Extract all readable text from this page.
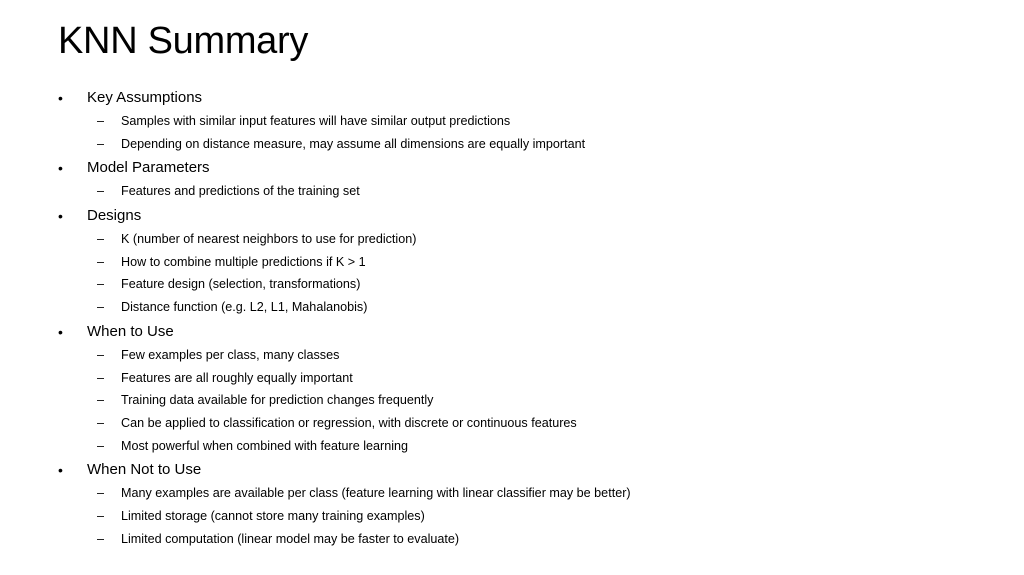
KNN Summary
•	Key Assumptions
–	Samples with similar input features will have similar output predictions
–	Depending on distance measure, may assume all dimensions are equally important
•	Model Parameters
–	Features and predictions of the training set
•	Designs
–	K (number of nearest neighbors to use for prediction)
–	How to combine multiple predictions if K > 1
–	Feature design (selection, transformations)
–	Distance function (e.g. L2, L1, Mahalanobis)
•	When to Use
–	Few examples per class, many classes
–	Features are all roughly equally important
–	Training data available for prediction changes frequently
–	Can be applied to classification or regression, with discrete or continuous features
–	Most powerful when combined with feature learning
•	When Not to Use
–	Many examples are available per class (feature learning with linear classifier may be better)
–	Limited storage (cannot store many training examples)
–	Limited computation (linear model may be faster to evaluate)
